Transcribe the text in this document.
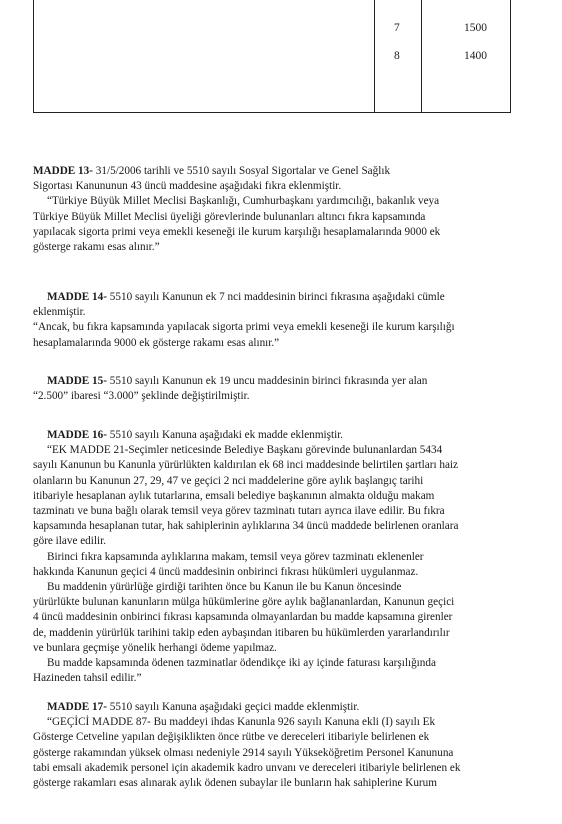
7	1500
8	1400
MADDE 13- 31/5/2006 tarihli ve 5510 sayılı Sosyal Sigortalar ve Genel Sağlık
Sigortası Kanununun 43 üncü maddesine aşağıdaki fıkra eklenmiştir.
“Türkiye Büyük Millet Meclisi Başkanlığı, Cumhurbaşkanı yardımcılığı, bakanlık veya
Türkiye Büyük Millet Meclisi üyeliği görevlerinde bulunanları altıncı fıkra kapsamında
yapılacak sigorta primi veya emekli keseneği ile kurum karşılığı hesaplamalarında 9000 ek
gösterge rakamı esas alınır.”
MADDE 14- 5510 sayılı Kanunun ek 7 nci maddesinin birinci fıkrasına aşağıdaki cümle
eklenmiştir.
“Ancak, bu fıkra kapsamında yapılacak sigorta primi veya emekli keseneği ile kurum karşılığı
hesaplamalarında 9000 ek gösterge rakamı esas alınır.”
MADDE 15- 5510 sayılı Kanunun ek 19 uncu maddesinin birinci fıkrasında yer alan
“2.500” ibaresi “3.000” şeklinde değiştirilmiştir.
MADDE 16- 5510 sayılı Kanuna aşağıdaki ek madde eklenmiştir.
“EK MADDE 21-Seçimler neticesinde Belediye Başkanı görevinde bulunanlardan 5434
sayılı Kanunun bu Kanunla yürürlükten kaldırılan ek 68 inci maddesinde belirtilen şartları haiz
olanların bu Kanunun 27, 29, 47 ve geçici 2 nci maddelerine göre aylık başlangıç tarihi
itibariyle hesaplanan aylık tutarlarına, emsali belediye başkanının almakta olduğu makam
tazminatı ve buna bağlı olarak temsil veya görev tazminatı tutarı ayrıca ilave edilir. Bu fıkra
kapsamında hesaplanan tutar, hak sahiplerinin aylıklarına 34 üncü maddede belirlenen oranlara
göre ilave edilir.
Birinci fıkra kapsamında aylıklarına makam, temsil veya görev tazminatı eklenenler
hakkında Kanunun geçici 4 üncü maddesinin onbirinci fıkrası hükümleri uygulanmaz.
Bu maddenin yürürlüğe girdiği tarihten önce bu Kanun ile bu Kanun öncesinde
yürürlükte bulunan kanunların mülga hükümlerine göre aylık bağlananlardan, Kanunun geçici
4 üncü maddesinin onbirinci fıkrası kapsamında olmayanlardan bu madde kapsamına girenler
de, maddenin yürürlük tarihini takip eden aybaşından itibaren bu hükümlerden yararlandırılır
ve bunlara geçmişe yönelik herhangi ödeme yapılmaz.
Bu madde kapsamında ödenen tazminatlar ödendikçe iki ay içinde faturası karşılığında
Hazineden tahsil edilir.”
MADDE 17- 5510 sayılı Kanuna aşağıdaki geçici madde eklenmiştir.
“GEÇİCİ MADDE 87- Bu maddeyi ihdas Kanunla 926 sayılı Kanuna ekli (I) sayılı Ek
Gösterge Cetveline yapılan değişiklikten önce rütbe ve dereceleri itibariyle belirlenen ek
gösterge rakamından yüksek olması nedeniyle 2914 sayılı Yükseköğretim Personel Kanununa
tabi emsali akademik personel için akademik kadro unvanı ve dereceleri itibariyle belirlenen ek
gösterge rakamları esas alınarak aylık ödenen subaylar ile bunların hak sahiplerine Kurum
